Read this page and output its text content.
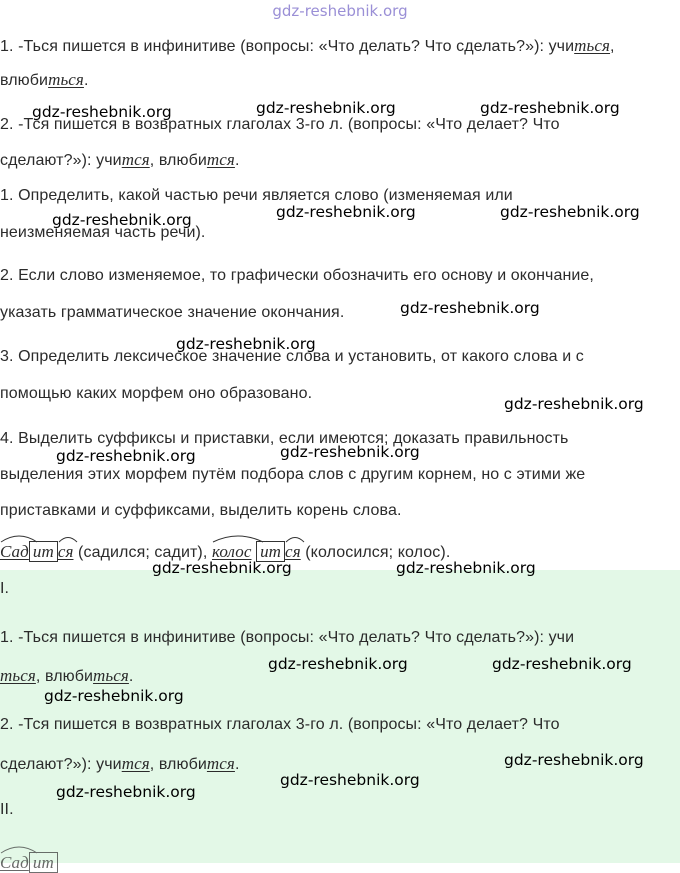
gdz-reshebnik.org
1. -Ться пишется в инфинитиве (вопросы: «Что делать? Что сделать?»): учиться,
влюбиться.
2. -Тся пишется в возвратных глаголах 3-го л. (вопросы: «Что делает? Что
сделают?»): учится, влюбится.
1. Определить, какой частью речи является слово (изменяемая или
неизменяемая часть речи).
2. Если слово изменяемое, то графически обозначить его основу и окончание,
указать грамматическое значение окончания.
3. Определить лексическое значение слова и установить, от какого слова и с
помощью каких морфем оно образовано.
4. Выделить суффиксы и приставки, если имеются; доказать правильность
выделения этих морфем путём подбора слов с другим корнем, но с этими же
приставками и суффиксами, выделить корень слова.
Сад ит ся (садился; садит),
колос ит ся (колосился; колос).
I.
1. -Ться пишется в инфинитиве (вопросы: «Что делать? Что сделать?»): учи
ться, влюбиться.
2. -Тся пишется в возвратных глаголах 3-го л. (вопросы: «Что делает? Что
сделают?»): учится, влюбится.
II.
Сад ит
gdz-reshebnik.org	gdz-reshebnik.org	gdz-reshebnik.org
gdz-reshebnik.org	gdz-reshebnik.org	gdz-reshebnik.org
gdz-reshebnik.org
gdz-reshebnik.org
gdz-reshebnik.org
gdz-reshebnik.org	gdz-reshebnik.org
gdz-reshebnik.org	gdz-reshebnik.org
gdz-reshebnik.org	gdz-reshebnik.org
gdz-reshebnik.org
gdz-reshebnik.org
gdz-reshebnik.org
gdz-reshebnik.org
